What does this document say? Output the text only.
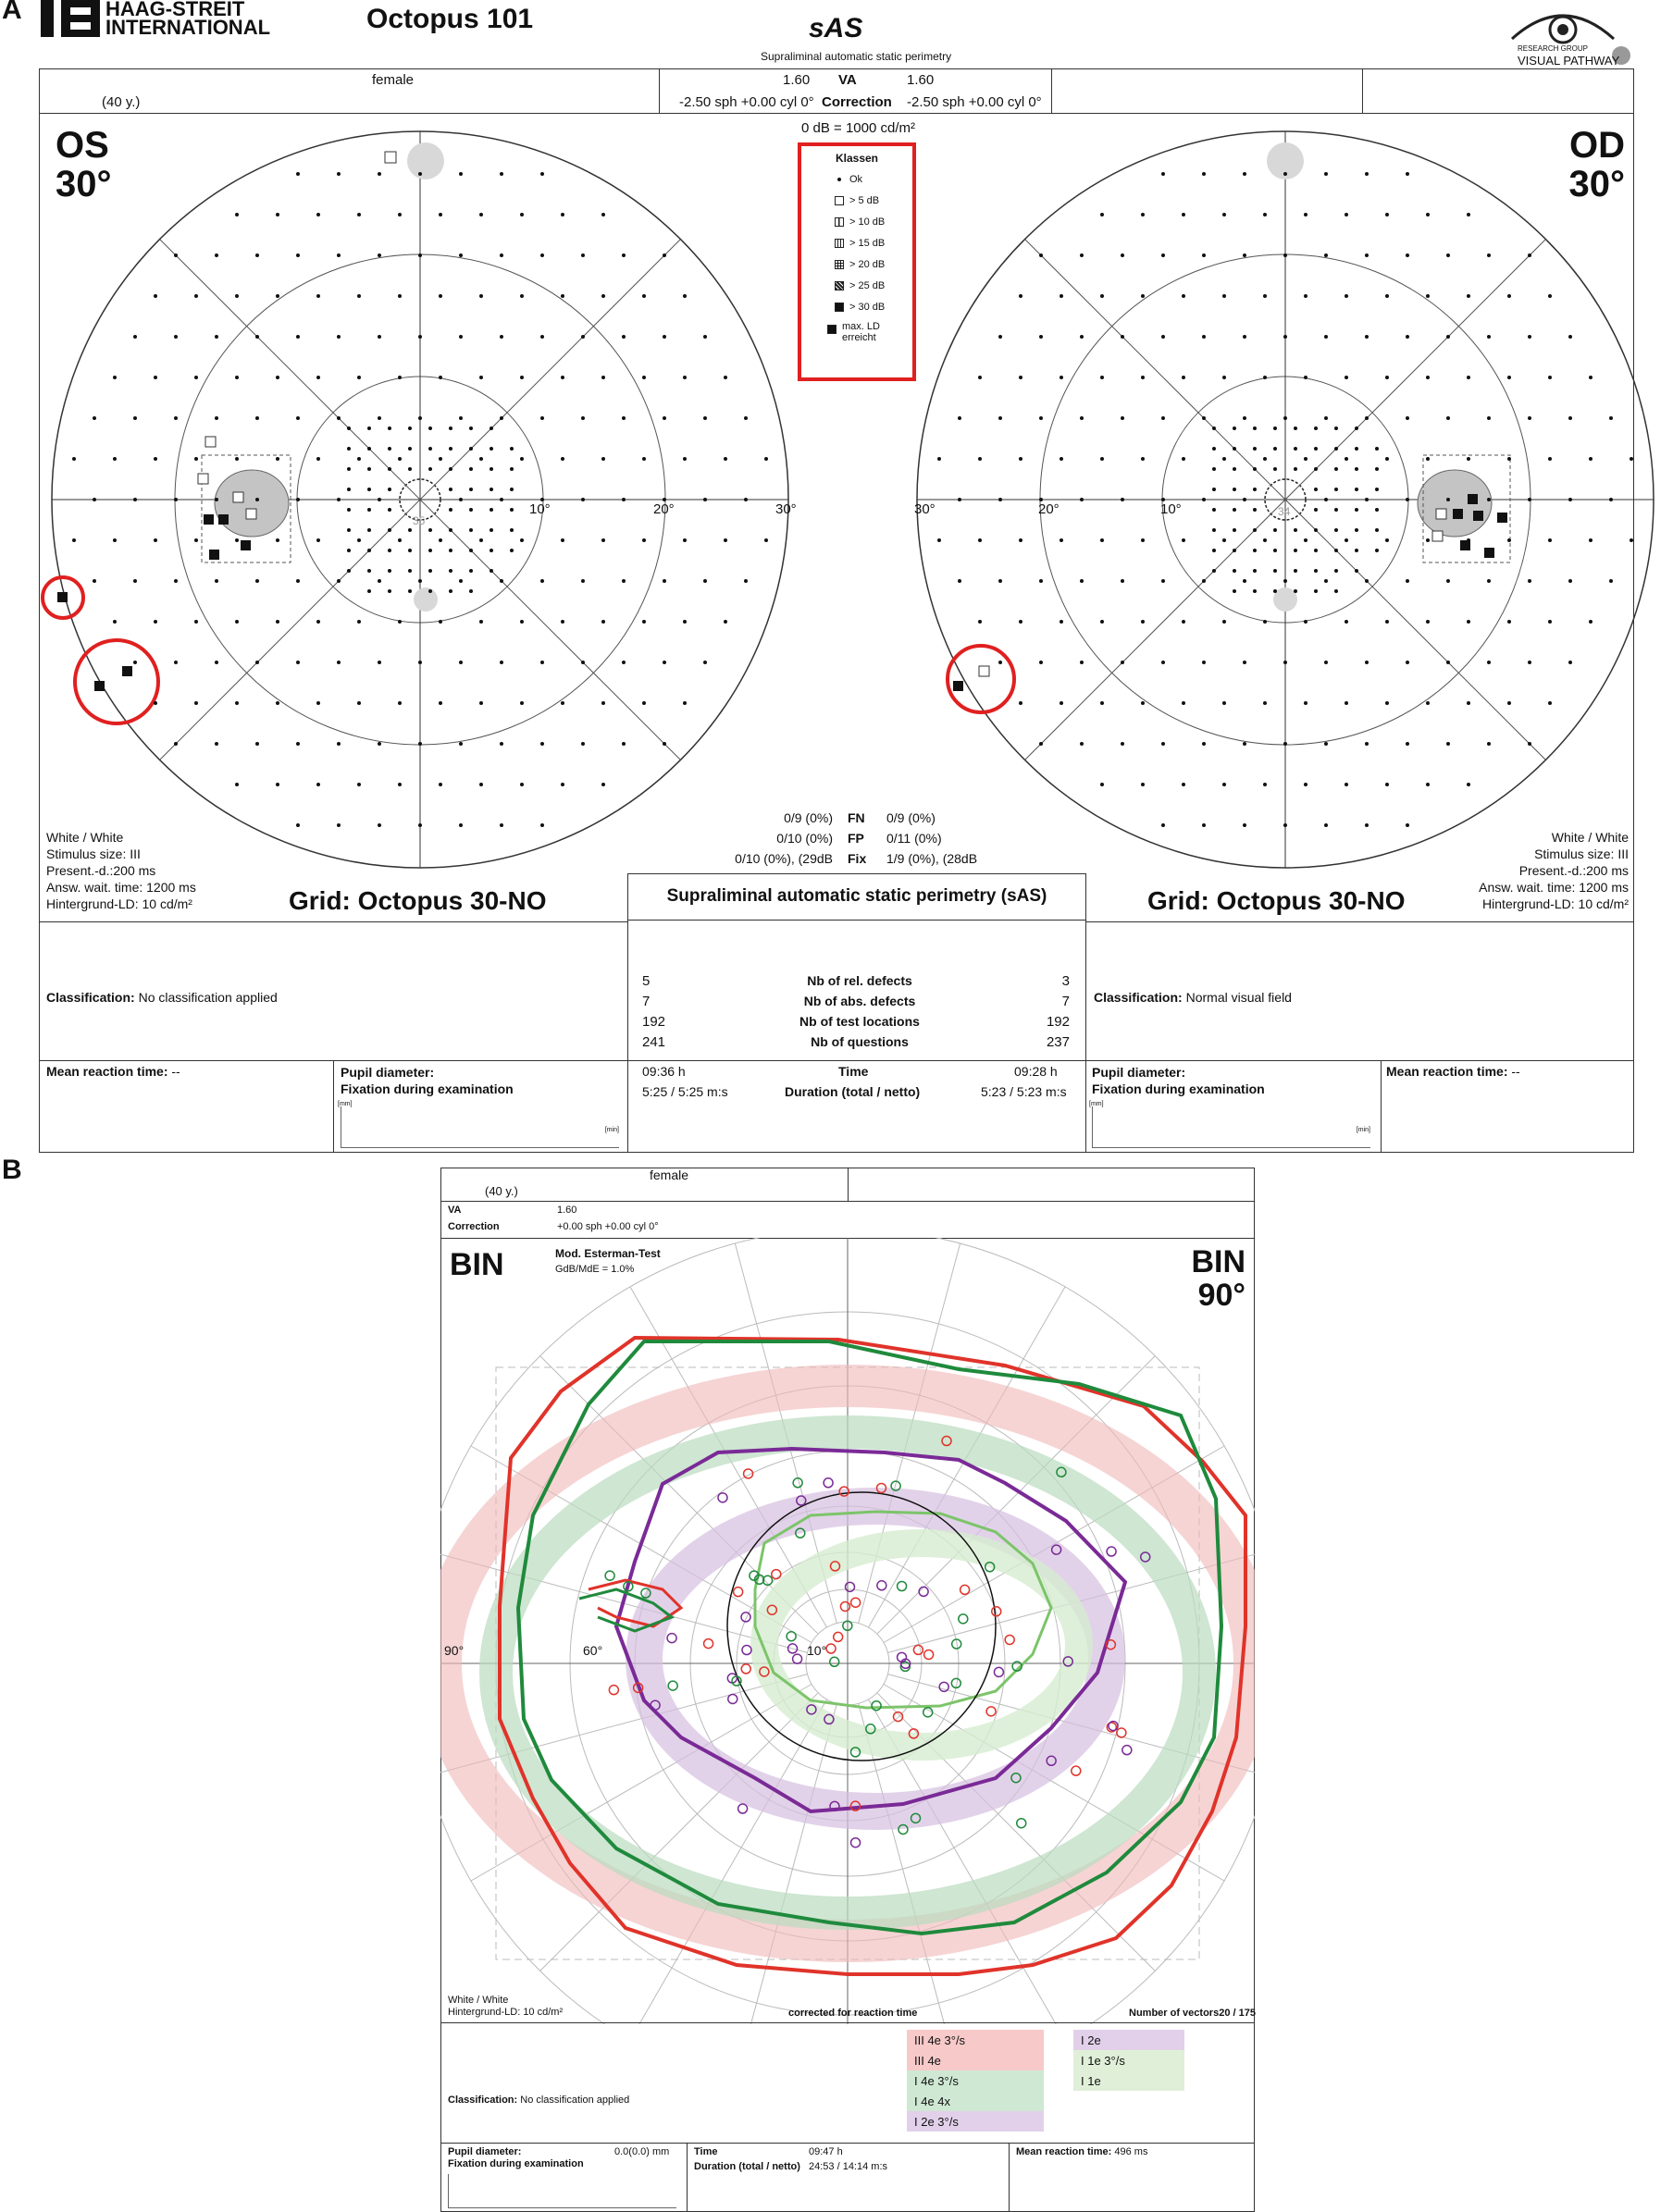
A	HAAG-STREIT
INTERNATIONAL	Octopus 101	sAS
Supraliminal automatic static perimetry
RESEARCH GROUP
VISUAL PATHWAY
female
(40 y.)
1.60 VA	1.60
-2.50 sph +0.00 cyl 0° Correction -2.50 sph +0.00 cyl 0°
0 dB = 1000 cd/m²
OS
30°
OD
30°
10°	20°	30°
35
30°	20°	10°	34
Klassen
Ok
> 5 dB
> 10 dB
> 15 dB
> 20 dB
> 25 dB
> 30 dB
max. LD
erreicht
White / White
Stimulus size: III
Present.-d.:200 ms
Answ. wait. time: 1200 ms
Hintergrund-LD: 10 cd/m²
White / White
Stimulus size: III
Present.-d.:200 ms
Answ. wait. time: 1200 ms
Hintergrund-LD: 10 cd/m²
0/9 (0%) FN 0/9 (0%)
0/10 (0%) FP 0/11 (0%)
0/10 (0%), (29dB Fix 1/9 (0%), (28dB
Grid: Octopus 30-NO	Grid: Octopus 30-NO
Supraliminal automatic static perimetry (sAS)
Classification: No classification applied	Classification: Normal visual field
5	Nb of rel. defects	3
7	Nb of abs. defects	7
192	Nb of test locations	192
241	Nb of questions	237
Mean reaction time: --	Pupil diameter:
Fixation during examination
09:36 h	Time	09:28 h
5:25 / 5:25 m:s	Duration (total / netto)	5:23 / 5:23 m:s
Pupil diameter:
Fixation during examination
Mean reaction time: --
[mm]
[min]
[mm]
[min]
B	female
(40 y.)
VA	1.60
Correction	+0.00 sph +0.00 cyl 0°
BIN	Mod. Esterman-Test
GdB/MdE = 1.0%	BIN
90°
90°	60°	10°
White / White
Hintergrund-LD: 10 cd/m²	corrected for reaction time	Number of vectors20 / 175
Classification: No classification applied
III 4e 3°/s
III 4e
I 4e 3°/s
I 4e 4x
I 2e 3°/s
I 2e
I 1e 3°/s
I 1e
Pupil diameter:
Fixation during examination
0.0(0.0) mm Time	09:47 h
Duration (total / netto) 24:53 / 14:14 m:s
Mean reaction time: 496 ms
